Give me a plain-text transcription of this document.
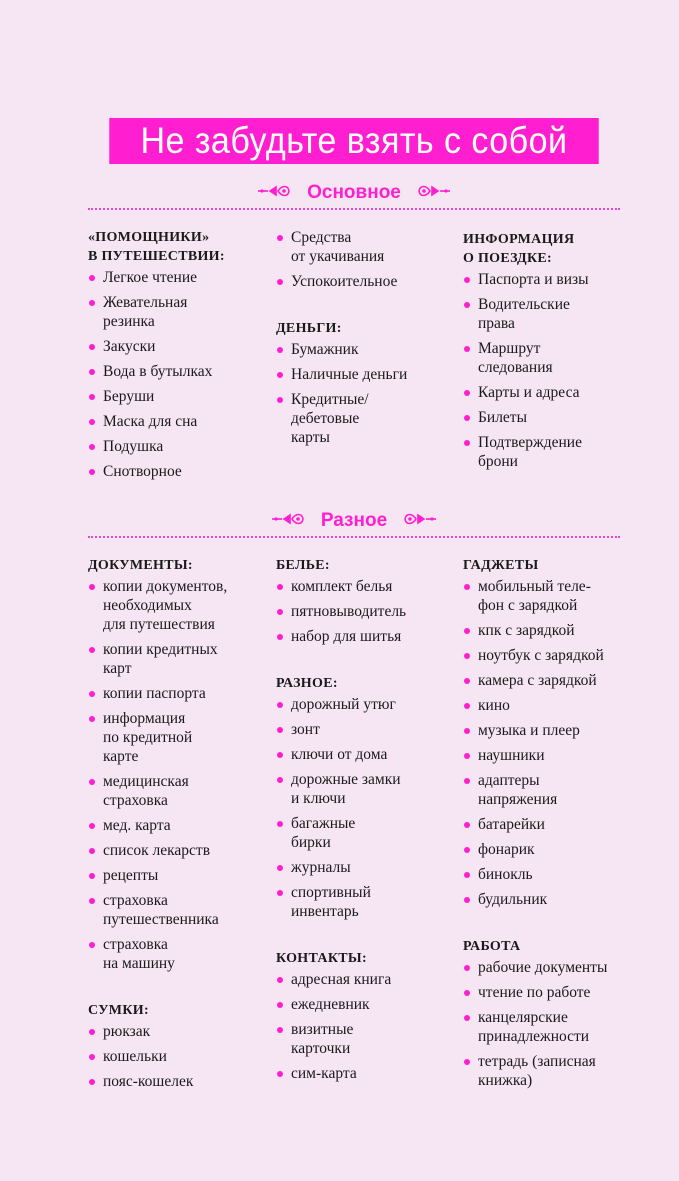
Не забудьте взять с собой
Основное
«ПОМОЩНИКИ»
В ПУТЕШЕСТВИИ:
Легкое чтение
Жевательная
резинка
Закуски
Вода в бутылках
Беруши
Маска для сна
Подушка
Снотворное
Средства
от укачивания
Успокоительное
ДЕНЬГИ:
Бумажник
Наличные деньги
Кредитные/
дебетовые
карты
ИНФОРМАЦИЯ
О ПОЕЗДКЕ:
Паспорта и визы
Водительские
права
Маршрут
следования
Карты и адреса
Билеты
Подтверждение
брони
Разное
ДОКУМЕНТЫ:
копии документов,
необходимых
для путешествия
копии кредитных
карт
копии паспорта
информация
по кредитной
карте
медицинская
страховка
мед. карта
список лекарств
рецепты
страховка
путешественника
страховка
на машину
СУМКИ:
рюкзак
кошельки
пояс-кошелек
БЕЛЬЕ:
комплект белья
пятновыводитель
набор для шитья
РАЗНОЕ:
дорожный утюг
зонт
ключи от дома
дорожные замки
и ключи
багажные
бирки
журналы
спортивный
инвентарь
КОНТАКТЫ:
адресная книга
ежедневник
визитные
карточки
сим-карта
ГАДЖЕТЫ
мобильный теле-
фон с зарядкой
кпк с зарядкой
ноутбук с зарядкой
камера с зарядкой
кино
музыка и плеер
наушники
адаптеры
напряжения
батарейки
фонарик
бинокль
будильник
РАБОТА
рабочие документы
чтение по работе
канцелярские
принадлежности
тетрадь (записная
книжка)
